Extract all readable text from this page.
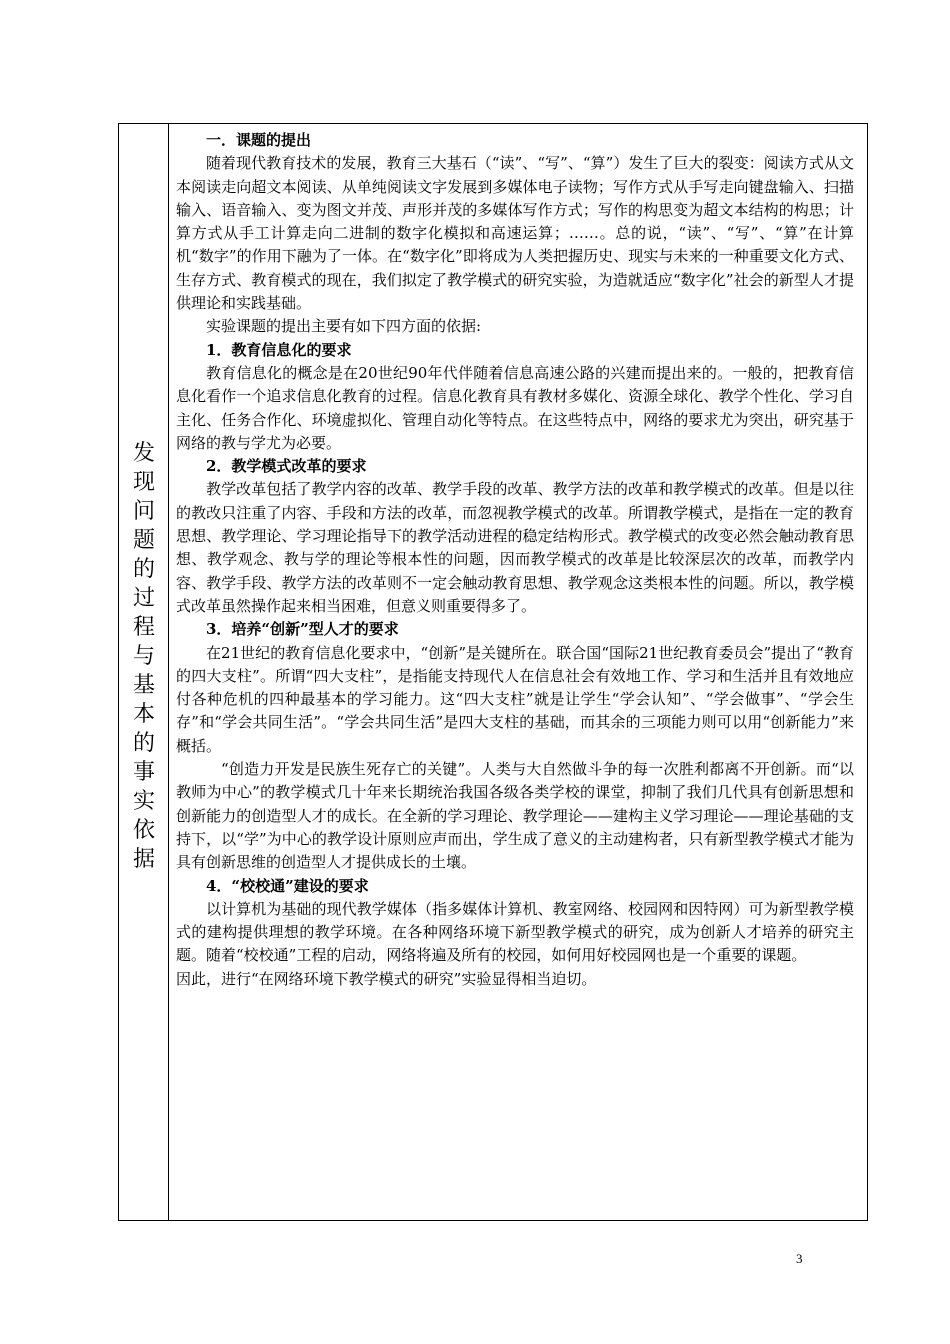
发
现
问
题
的
过
程
与
基
本
的
事
实
依
据

一．课题的提出

随着现代教育技术的发展，教育三大基石（“读”、“写”、“算”）发生了巨大的裂变：阅读方式从文本阅读走向超文本阅读、从单纯阅读文字发展到多媒体电子读物；写作方式从手写走向键盘输入、扫描输入、语音输入、变为图文并茂、声形并茂的多媒体写作方式；写作的构思变为超文本结构的构思；计算方式从手工计算走向二进制的数字化模拟和高速运算；……。总的说，“读”、“写”、“算”在计算机“数字”的作用下融为了一体。在“数字化”即将成为人类把握历史、现实与未来的一种重要文化方式、生存方式、教育模式的现在，我们拟定了教学模式的研究实验，为造就适应“数字化”社会的新型人才提供理论和实践基础。

实验课题的提出主要有如下四方面的依据:

1．教育信息化的要求

教育信息化的概念是在20世纪90年代伴随着信息高速公路的兴建而提出来的。一般的，把教育信息化看作一个追求信息化教育的过程。信息化教育具有教材多媒化、资源全球化、教学个性化、学习自主化、任务合作化、环境虚拟化、管理自动化等特点。在这些特点中，网络的要求尤为突出，研究基于网络的教与学尤为必要。

2．教学模式改革的要求

教学改革包括了教学内容的改革、教学手段的改革、教学方法的改革和教学模式的改革。但是以往的教改只注重了内容、手段和方法的改革，而忽视教学模式的改革。所谓教学模式，是指在一定的教育思想、教学理论、学习理论指导下的教学活动进程的稳定结构形式。教学模式的改变必然会触动教育思想、教学观念、教与学的理论等根本性的问题，因而教学模式的改革是比较深层次的改革，而教学内容、教学手段、教学方法的改革则不一定会触动教育思想、教学观念这类根本性的问题。所以，教学模式改革虽然操作起来相当困难，但意义则重要得多了。

3．培养“创新”型人才的要求

在21世纪的教育信息化要求中，“创新”是关键所在。联合国“国际21世纪教育委员会”提出了“教育的四大支柱”。所谓“四大支柱”，是指能支持现代人在信息社会有效地工作、学习和生活并且有效地应付各种危机的四种最基本的学习能力。这“四大支柱”就是让学生“学会认知”、“学会做事”、“学会生存”和“学会共同生活”。“学会共同生活”是四大支柱的基础，而其余的三项能力则可以用“创新能力”来概括。

“创造力开发是民族生死存亡的关键”。人类与大自然做斗争的每一次胜利都离不开创新。而“以教师为中心”的教学模式几十年来长期统治我国各级各类学校的课堂，抑制了我们几代具有创新思想和创新能力的创造型人才的成长。在全新的学习理论、教学理论——建构主义学习理论——理论基础的支持下，以“学”为中心的教学设计原则应声而出，学生成了意义的主动建构者，只有新型教学模式才能为具有创新思维的创造型人才提供成长的土壤。

4．“校校通”建设的要求

以计算机为基础的现代教学媒体（指多媒体计算机、教室网络、校园网和因特网）可为新型教学模式的建构提供理想的教学环境。在各种网络环境下新型教学模式的研究，成为创新人才培养的研究主题。随着“校校通”工程的启动，网络将遍及所有的校园，如何用好校园网也是一个重要的课题。

因此，进行“在网络环境下教学模式的研究”实验显得相当迫切。

3
